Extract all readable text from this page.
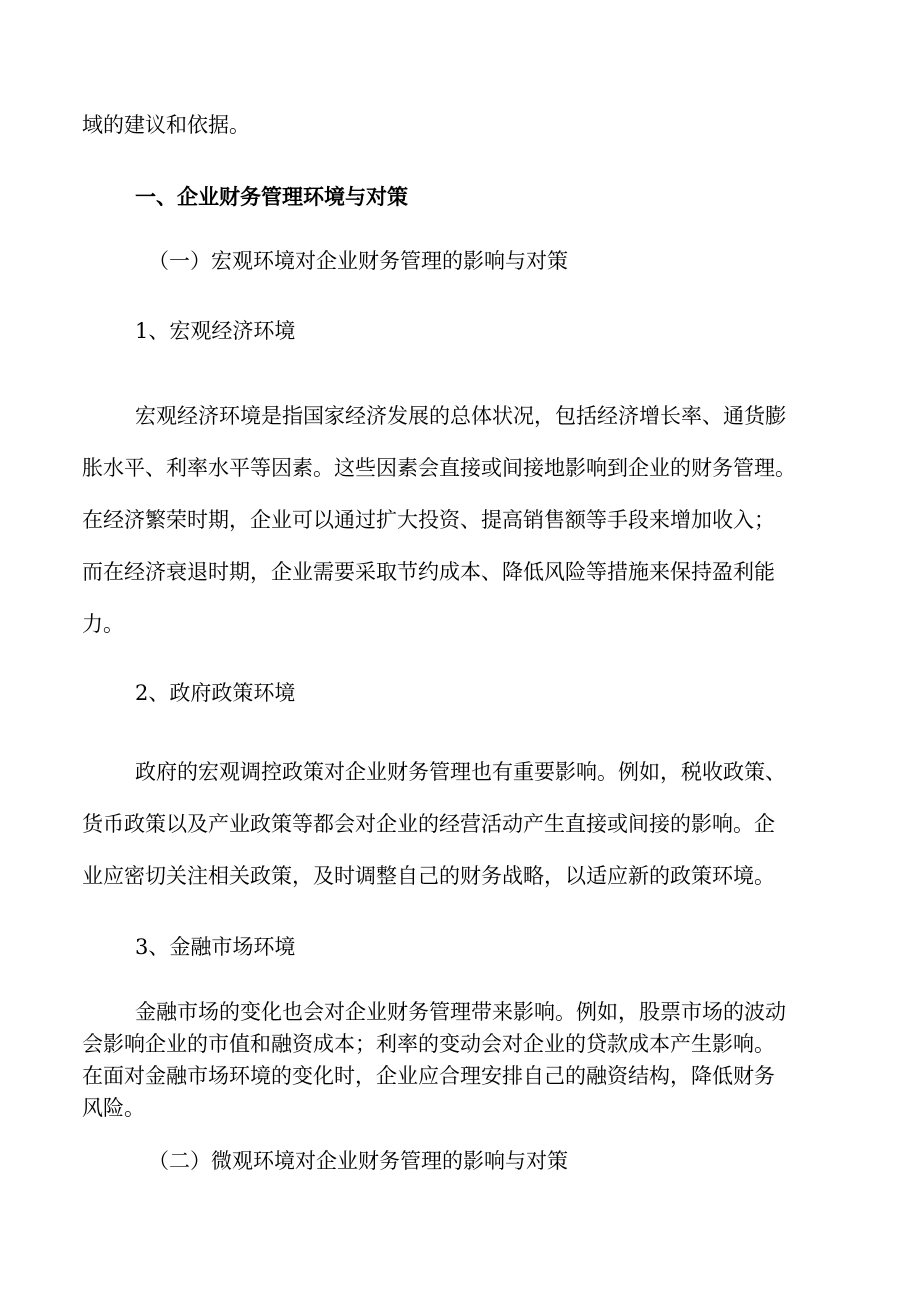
域的建议和依据。
一、企业财务管理环境与对策
（一）宏观环境对企业财务管理的影响与对策
1、宏观经济环境
宏观经济环境是指国家经济发展的总体状况，包括经济增长率、通货膨
胀水平、利率水平等因素。这些因素会直接或间接地影响到企业的财务管理。
在经济繁荣时期，企业可以通过扩大投资、提高销售额等手段来增加收入；
而在经济衰退时期，企业需要采取节约成本、降低风险等措施来保持盈利能
力。
2、政府政策环境
政府的宏观调控政策对企业财务管理也有重要影响。例如，税收政策、
货币政策以及产业政策等都会对企业的经营活动产生直接或间接的影响。企
业应密切关注相关政策，及时调整自己的财务战略，以适应新的政策环境。
3、金融市场环境
金融市场的变化也会对企业财务管理带来影响。例如，股票市场的波动
会影响企业的市值和融资成本；利率的变动会对企业的贷款成本产生影响。
在面对金融市场环境的变化时，企业应合理安排自己的融资结构，降低财务
风险。
（二）微观环境对企业财务管理的影响与对策
